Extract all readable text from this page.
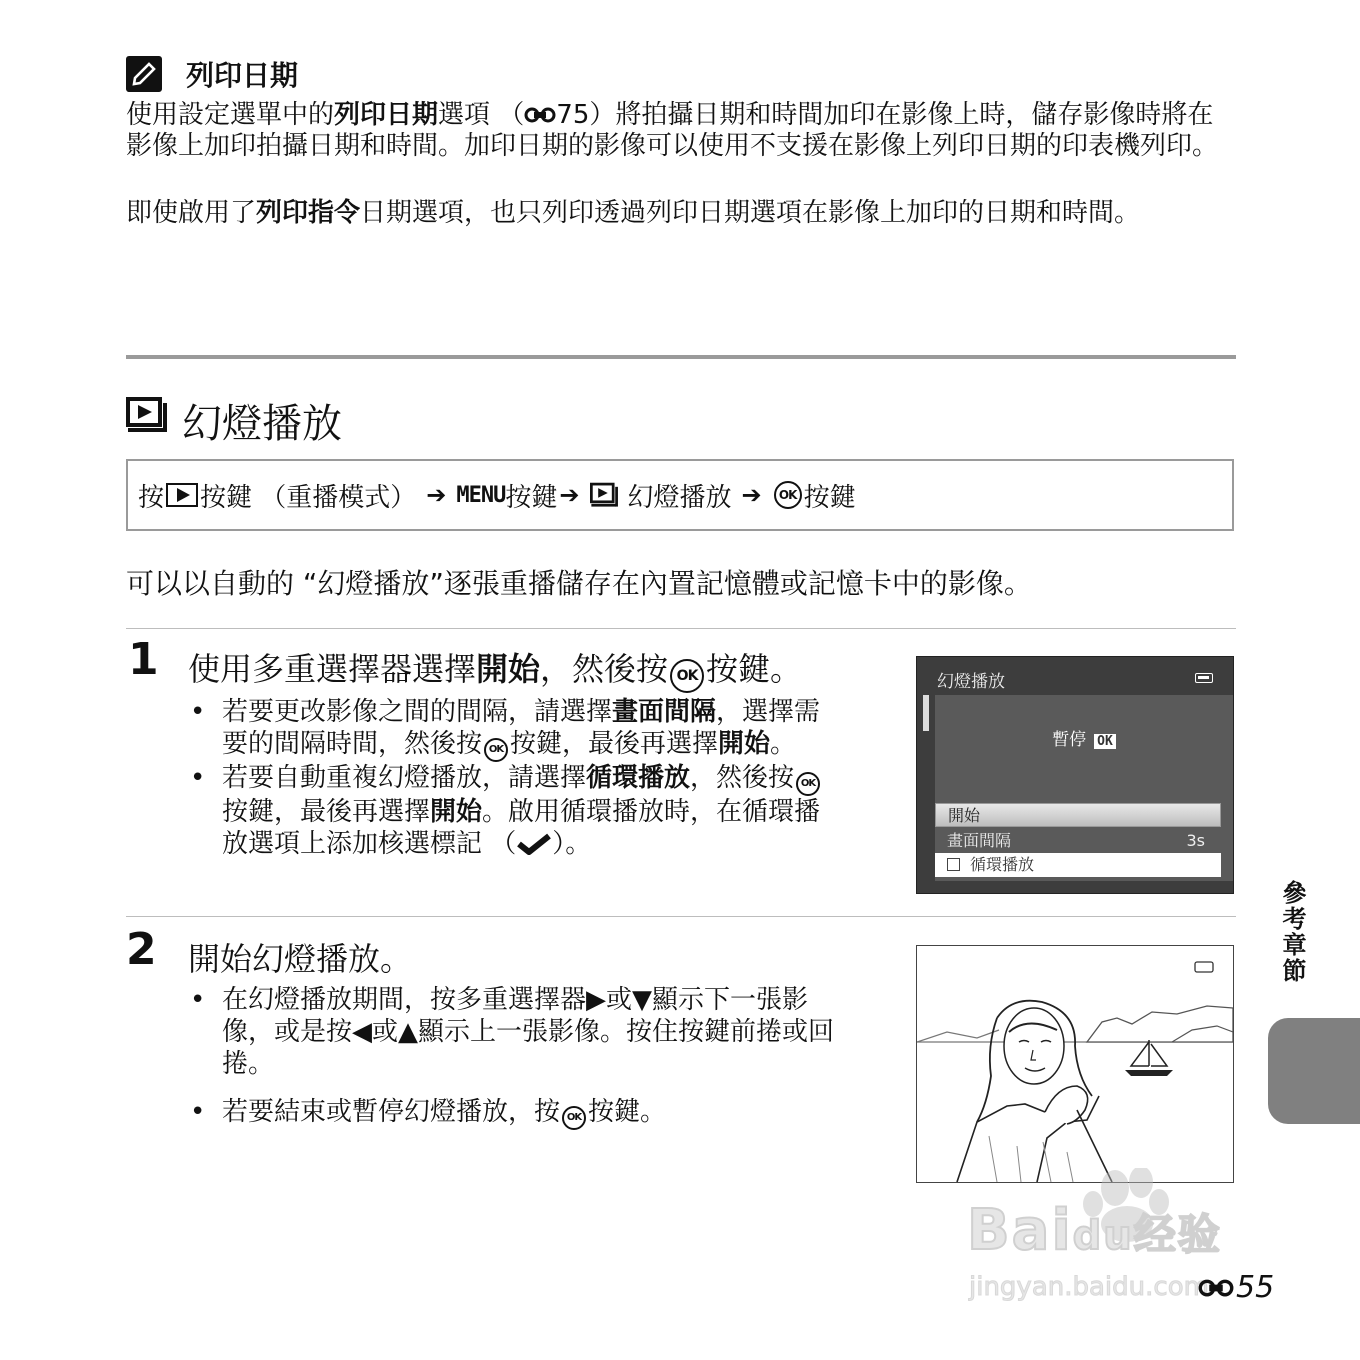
列印日期
使用設定選單中的列印日期選項 （ 75）將拍攝日期和時間加印在影像上時，儲存影像時將在影像上加印拍攝日期和時間。加印日期的影像可以使用不支援在影像上列印日期的印表機列印。
即使啟用了列印指令日期選項，也只列印透過列印日期選項在影像上加印的日期和時間。
幻燈播放
按 按鍵 （重播模式） ➔ MENU 按鍵 ➔ 幻燈播放 ➔	OK 按鍵
可以以自動的 “幻燈播放”逐張重播儲存在內置記憶體或記憶卡中的影像。
1 使用多重選擇器選擇開始，然後按 OK 按鍵。
• 若要更改影像之間的間隔，請選擇畫面間隔，選擇需要的間隔時間，然後按 OK 按鍵，最後再選擇開始。
• 若要自動重複幻燈播放，請選擇循環播放，然後按 OK按鍵，最後再選擇開始。啟用循環播放時，在循環播放選項上添加核選標記 （ ）。
幻燈播放
暫停 OK
開始
畫面間隔	3s
循環播放
2 開始幻燈播放。
• 在幻燈播放期間，按多重選擇器▶或▼顯示下一張影像，或是按◀或▲顯示上一張影像。按住按鍵前捲或回捲。
• 若要結束或暫停幻燈播放，按 OK 按鍵。
參考章節
Baidu经验
jingyan.baidu.com 55
